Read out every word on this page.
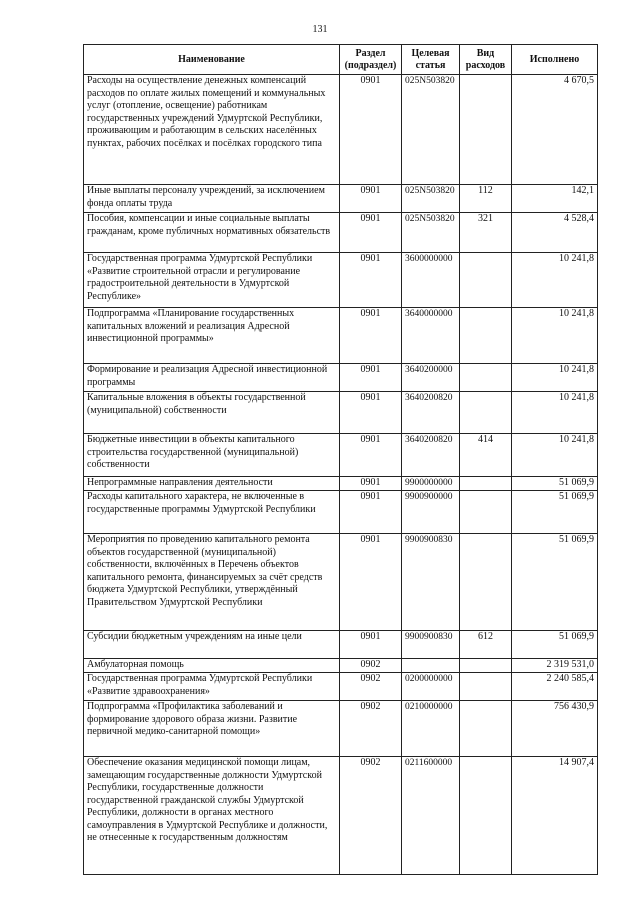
131
Наименование	Раздел (подраздел)	Целевая статья	Вид расходов	Исполнено
Расходы на осуществление денежных компенсаций расходов по оплате жилых помещений и коммунальных услуг (отопление, освещение) работникам государственных учреждений Удмуртской Республики, проживающим и работающим в сельских населённых пунктах, рабочих посёлках и посёлках городского типа	0901	025N503820		4 670,5
Иные выплаты персоналу учреждений, за исключением фонда оплаты труда	0901	025N503820	112	142,1
Пособия, компенсации и иные социальные выплаты гражданам, кроме публичных нормативных обязательств	0901	025N503820	321	4 528,4
Государственная программа Удмуртской Республики «Развитие строительной отрасли и регулирование градостроительной деятельности в Удмуртской Республике»	0901	3600000000		10 241,8
Подпрограмма «Планирование государственных капитальных вложений и реализация Адресной инвестиционной программы»	0901	3640000000		10 241,8
Формирование и реализация Адресной инвестиционной программы	0901	3640200000		10 241,8
Капитальные вложения в объекты государственной (муниципальной) собственности	0901	3640200820		10 241,8
Бюджетные инвестиции в объекты капитального строительства государственной (муниципальной) собственности	0901	3640200820	414	10 241,8
Непрограммные направления деятельности	0901	9900000000		51 069,9
Расходы капитального характера, не включенные в государственные программы Удмуртской Республики	0901	9900900000		51 069,9
Мероприятия по проведению капитального ремонта объектов государственной (муниципальной) собственности, включённых в Перечень объектов капитального ремонта, финансируемых за счёт средств бюджета Удмуртской Республики, утверждённый Правительством Удмуртской Республики	0901	9900900830		51 069,9
Субсидии бюджетным учреждениям на иные цели	0901	9900900830	612	51 069,9
Амбулаторная помощь	0902			2 319 531,0
Государственная программа Удмуртской Республики «Развитие здравоохранения»	0902	0200000000		2 240 585,4
Подпрограмма «Профилактика заболеваний и формирование здорового образа жизни. Развитие первичной медико-санитарной помощи»	0902	0210000000		756 430,9
Обеспечение оказания медицинской помощи лицам, замещающим государственные должности Удмуртской Республики, государственные должности государственной гражданской службы Удмуртской Республики, должности в органах местного самоуправления в Удмуртской Республике и должности, не отнесенные к государственным должностям	0902	0211600000		14 907,4
